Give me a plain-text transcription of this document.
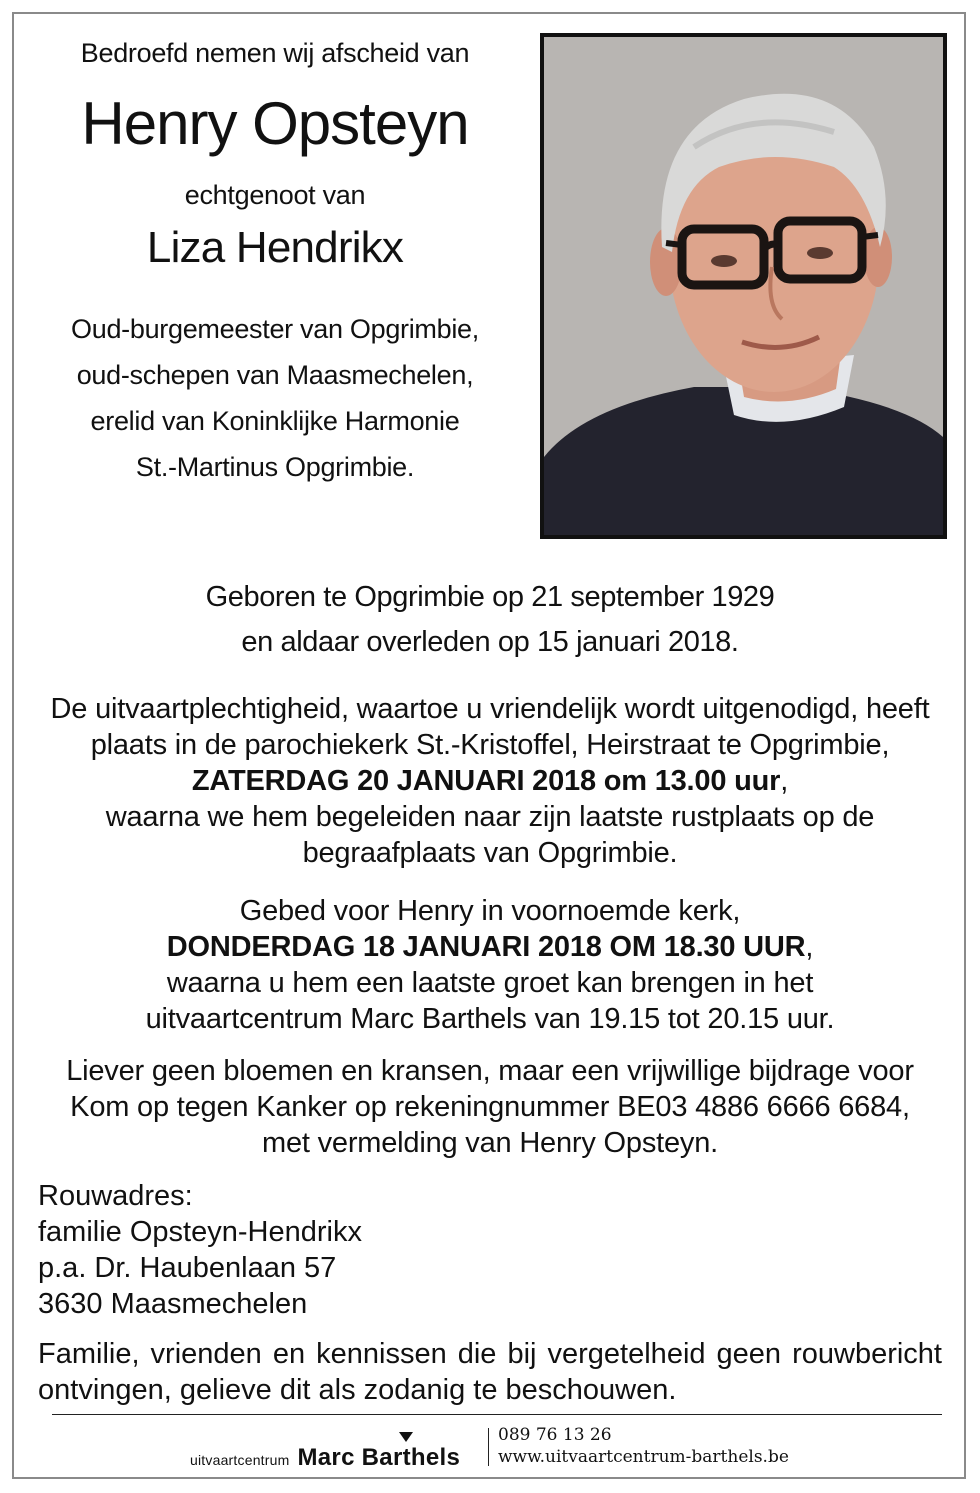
Bedroefd nemen wij afscheid van
Henry Opsteyn
echtgenoot van
Liza Hendrikx
Oud-burgemeester van Opgrimbie,
oud-schepen van Maasmechelen,
erelid van Koninklijke Harmonie
St.-Martinus Opgrimbie.
Geboren te Opgrimbie op 21 september 1929
en aldaar overleden op 15 januari 2018.
De uitvaartplechtigheid, waartoe u vriendelijk wordt uitgenodigd, heeft
plaats in de parochiekerk St.-Kristoffel, Heirstraat te Opgrimbie,
ZATERDAG 20 JANUARI 2018 om 13.00 uur,
waarna we hem begeleiden naar zijn laatste rustplaats op de
begraafplaats van Opgrimbie.
Gebed voor Henry in voornoemde kerk,
DONDERDAG 18 JANUARI 2018 OM 18.30 UUR,
waarna u hem een laatste groet kan brengen in het
uitvaartcentrum Marc Barthels van 19.15 tot 20.15 uur.
Liever geen bloemen en kransen, maar een vrijwillige bijdrage voor
Kom op tegen Kanker op rekeningnummer BE03 4886 6666 6684,
met vermelding van Henry Opsteyn.
Rouwadres:
familie Opsteyn-Hendrikx
p.a. Dr. Haubenlaan 57
3630 Maasmechelen
Familie, vrienden en kennissen die bij vergetelheid geen rouwbericht ontvingen, gelieve dit als zodanig te beschouwen.
uitvaartcentrum Marc Barthels
089 76 13 26
www.uitvaartcentrum-barthels.be
